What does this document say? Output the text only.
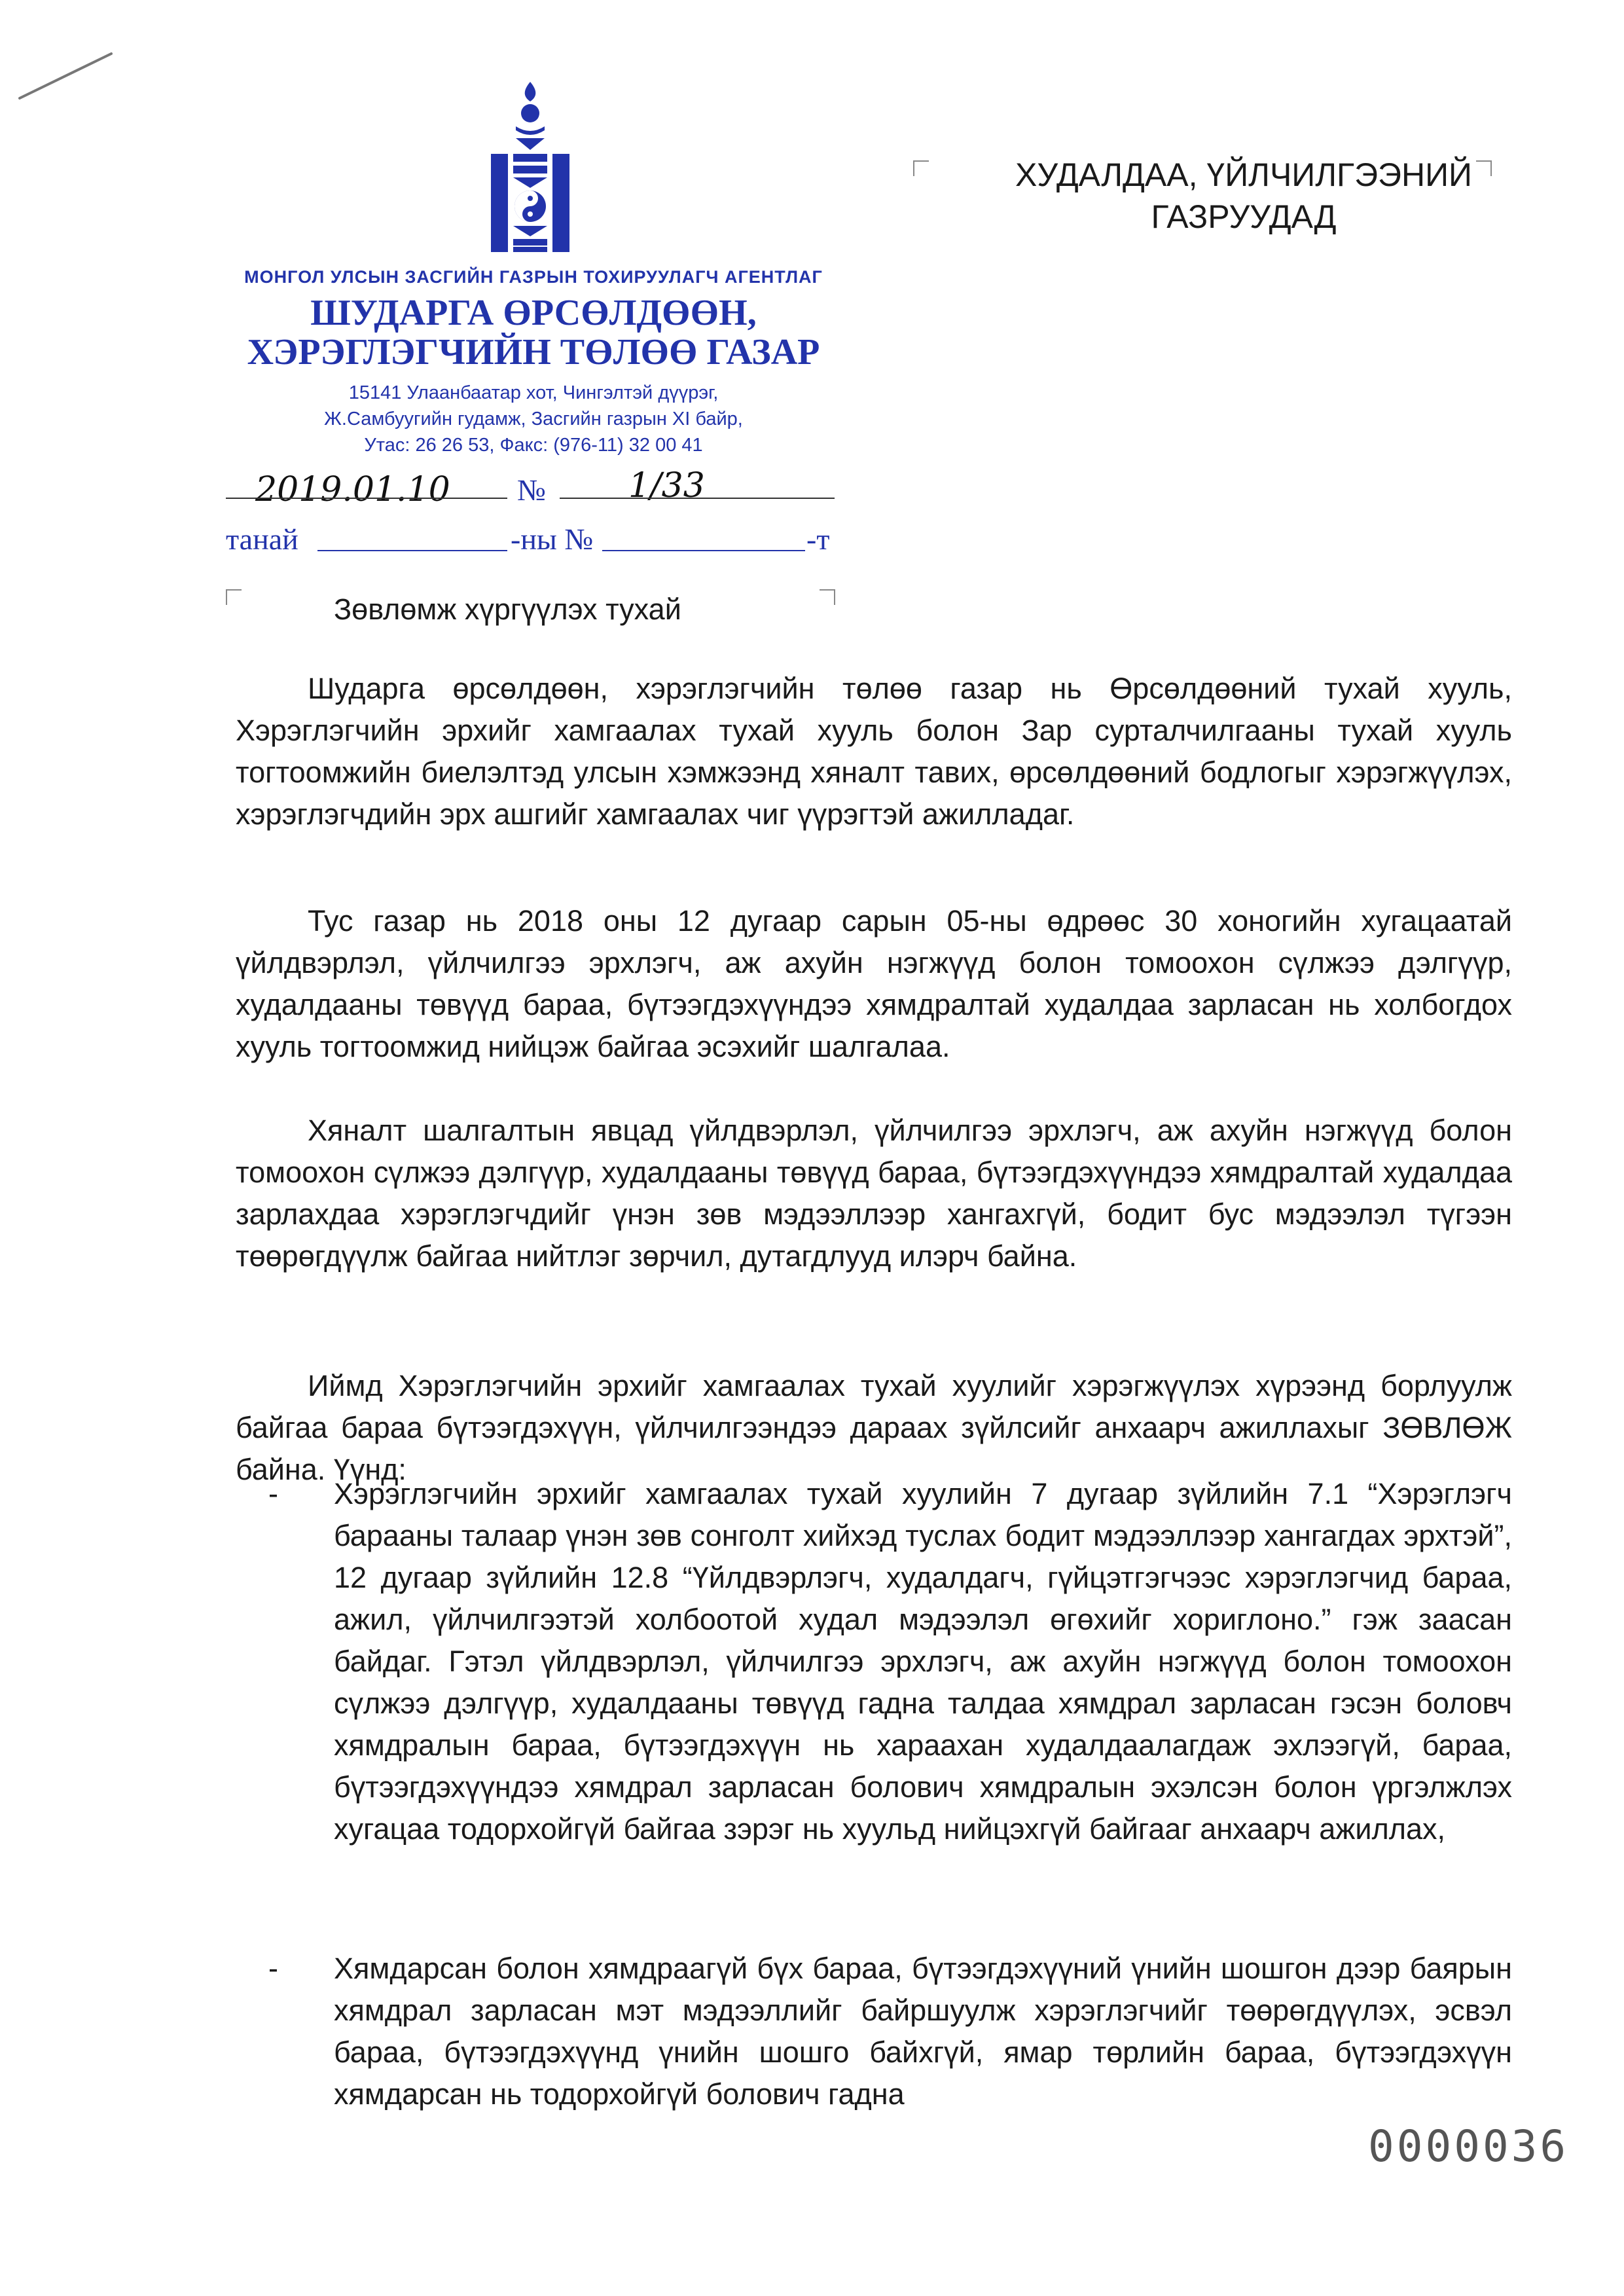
МОНГОЛ УЛСЫН ЗАСГИЙН ГАЗРЫН ТОХИРУУЛАГЧ АГЕНТЛАГ
ШУДАРГА ӨРСӨЛДӨӨН,
ХЭРЭГЛЭГЧИЙН ТӨЛӨӨ ГАЗАР
15141 Улаанбаатар хот, Чингэлтэй дүүрэг,
Ж.Самбуугийн гудамж, Засгийн газрын XI байр,
Утас: 26 26 53, Факс: (976-11) 32 00 41
2019.01.10 № 1/33
танай	-ны №	-т
ХУДАЛДАА, ҮЙЛЧИЛГЭЭНИЙ
ГАЗРУУДАД
Зөвлөмж хүргүүлэх тухай

Шударга өрсөлдөөн, хэрэглэгчийн төлөө газар нь Өрсөлдөөний тухай хууль, Хэрэглэгчийн эрхийг хамгаалах тухай хууль болон Зар сурталчилгааны тухай хууль тогтоомжийн биелэлтэд улсын хэмжээнд хяналт тавих, өрсөлдөөний бодлогыг хэрэгжүүлэх, хэрэглэгчдийн эрх ашгийг хамгаалах чиг үүрэгтэй ажилладаг.

Тус газар нь 2018 оны 12 дугаар сарын 05-ны өдрөөс 30 хоногийн хугацаатай үйлдвэрлэл, үйлчилгээ эрхлэгч, аж ахуйн нэгжүүд болон томоохон сүлжээ дэлгүүр, худалдааны төвүүд бараа, бүтээгдэхүүндээ хямдралтай худалдаа зарласан нь холбогдох хууль тогтоомжид нийцэж байгаа эсэхийг шалгалаа.

Хяналт шалгалтын явцад үйлдвэрлэл, үйлчилгээ эрхлэгч, аж ахуйн нэгжүүд болон томоохон сүлжээ дэлгүүр, худалдааны төвүүд бараа, бүтээгдэхүүндээ хямдралтай худалдаа зарлахдаа хэрэглэгчдийг үнэн зөв мэдээллээр хангахгүй, бодит бус мэдээлэл түгээн төөрөгдүүлж байгаа нийтлэг зөрчил, дутагдлууд илэрч байна.

Иймд Хэрэглэгчийн эрхийг хамгаалах тухай хуулийг хэрэгжүүлэх хүрээнд борлуулж байгаа бараа бүтээгдэхүүн, үйлчилгээндээ дараах зүйлсийг анхаарч ажиллахыг ЗӨВЛӨЖ байна. Үүнд:

- Хэрэглэгчийн эрхийг хамгаалах тухай хуулийн 7 дугаар зүйлийн 7.1 “Хэрэглэгч барааны талаар үнэн зөв сонголт хийхэд туслах бодит мэдээллээр хангагдах эрхтэй”, 12 дугаар зүйлийн 12.8 “Үйлдвэрлэгч, худалдагч, гүйцэтгэгчээс хэрэглэгчид бараа, ажил, үйлчилгээтэй холбоотой худал мэдээлэл өгөхийг хориглоно.” гэж заасан байдаг. Гэтэл үйлдвэрлэл, үйлчилгээ эрхлэгч, аж ахуйн нэгжүүд болон томоохон сүлжээ дэлгүүр, худалдааны төвүүд гадна талдаа хямдрал зарласан гэсэн боловч хямдралын бараа, бүтээгдэхүүн нь хараахан худалдаалагдаж эхлээгүй, бараа, бүтээгдэхүүндээ хямдрал зарласан болович хямдралын эхэлсэн болон үргэлжлэх хугацаа тодорхойгүй байгаа зэрэг нь хуульд нийцэхгүй байгааг анхаарч ажиллах,
- Хямдарсан болон хямдраагүй бүх бараа, бүтээгдэхүүний үнийн шошгон дээр баярын хямдрал зарласан мэт мэдээллийг байршуулж хэрэглэгчийг төөрөгдүүлэх, эсвэл бараа, бүтээгдэхүүнд үнийн шошго байхгүй, ямар төрлийн бараа, бүтээгдэхүүн хямдарсан нь тодорхойгүй болович гадна
0000036
